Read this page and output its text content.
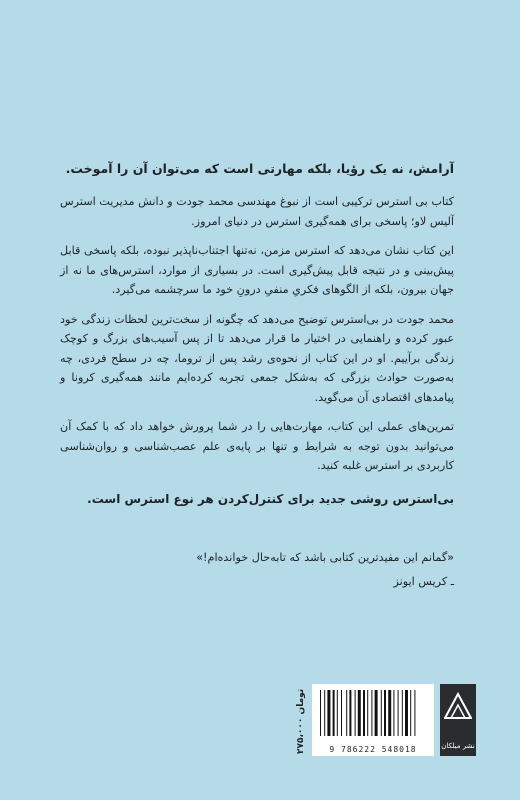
آرامش، نه یک رؤیا، بلکه مهارتی است که می‌توان آن را آموخت.

کتاب بی استرس ترکیبی است از نبوغ مهندسی محمد جودت و دانش مدیریت استرس آلیس لاو؛ پاسخی برای همه‌گیری استرس در دنیای امروز.

این کتاب نشان می‌دهد که استرس مزمن، نه‌تنها اجتناب‌ناپذیر نبوده، بلکه پاسخی قابل پیش‌بینی و در نتیجه قابل پیش‌گیری است. در بسیاری از موارد، استرس‌های ما نه از جهان بیرون، بلکه از الگوهای فکریِ منفیِ درونِ خود ما سرچشمه می‌گیرد.

محمد جودت در بی‌استرس توضیح می‌دهد که چگونه از سخت‌ترین لحظات زندگی خود عبور کرده و راهنمایی در اختیار ما قرار می‌دهد تا از پس آسیب‌های بزرگ و کوچک زندگی برآییم. او در این کتاب از نحوه‌ی رشد پس از تروما، چه در سطح فردی، چه به‌صورت حوادث بزرگی که به‌شکل جمعی تجربه کرده‌ایم مانند همه‌گیری کرونا و پیامدهای اقتصادی آن می‌گوید.

تمرین‌های عملی این کتاب، مهارت‌هایی را در شما پرورش خواهد داد که با کمک آن می‌توانید بدون توجه به شرایط و تنها بر پایه‌ی علم عصب‌شناسی و روان‌شناسی کاربردی بر استرس غلبه کنید.

بی‌استرس روشی جدید برای کنترل‌کردن هر نوع استرس است.

«گمانم این مفیدترین کتابی باشد که تابه‌حال خوانده‌ام!»
ـ کریس ایونز
۲۷۵،۰۰۰ تومان
9 786222 548018	نشر میلکان
